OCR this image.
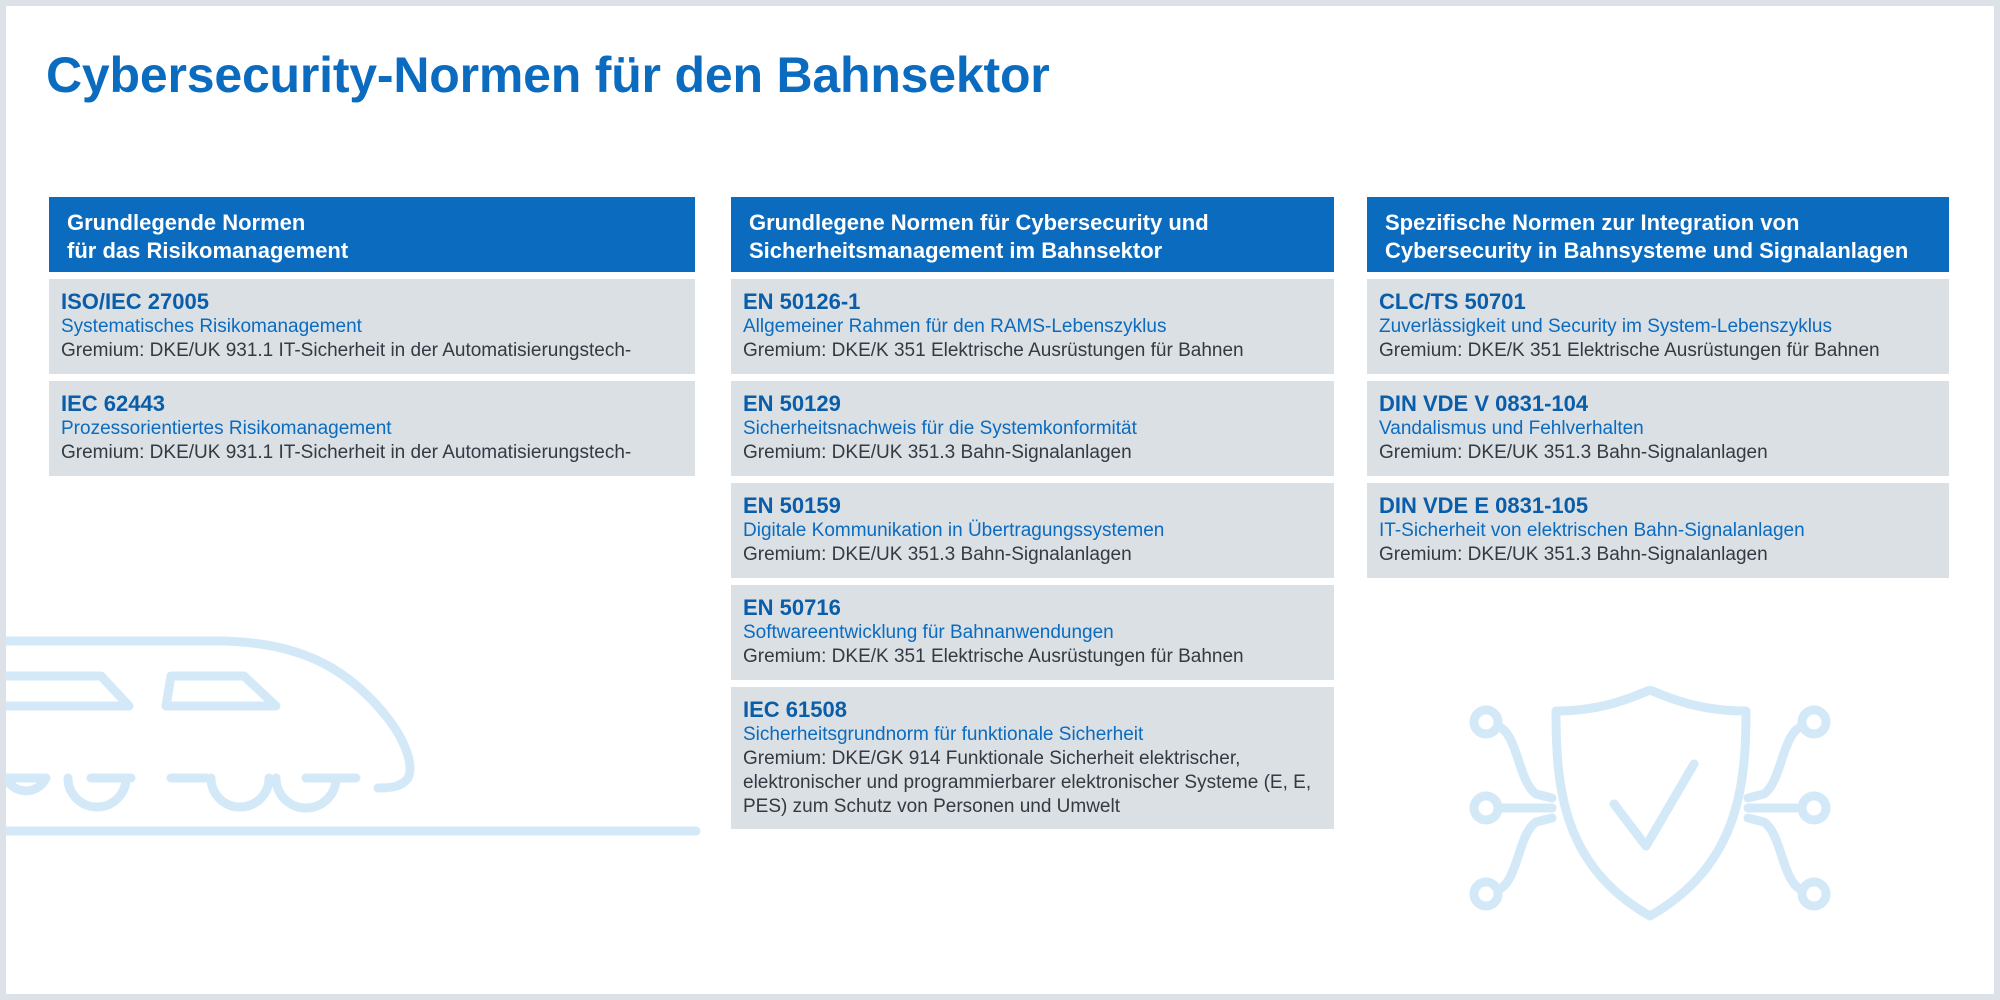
Cybersecurity-Normen für den Bahnsektor
Grundlegende Normen
für das Risikomanagement
ISO/IEC 27005
Systematisches Risikomanagement
Gremium: DKE/UK 931.1 IT-Sicherheit in der Automatisierungstech-
IEC 62443
Prozessorientiertes Risikomanagement
Gremium: DKE/UK 931.1 IT-Sicherheit in der Automatisierungstech-
Grundlegene Normen für Cybersecurity und
Sicherheitsmanagement im Bahnsektor
EN 50126-1
Allgemeiner Rahmen für den RAMS-Lebenszyklus
Gremium: DKE/K 351 Elektrische Ausrüstungen für Bahnen
EN 50129
Sicherheitsnachweis für die Systemkonformität
Gremium: DKE/UK 351.3 Bahn-Signalanlagen
EN 50159
Digitale Kommunikation in Übertragungssystemen
Gremium: DKE/UK 351.3 Bahn-Signalanlagen
EN 50716
Softwareentwicklung für Bahnanwendungen
Gremium: DKE/K 351 Elektrische Ausrüstungen für Bahnen
IEC 61508
Sicherheitsgrundnorm für funktionale Sicherheit
Gremium: DKE/GK 914 Funktionale Sicherheit elektrischer, elektronischer und programmierbarer elektronischer Systeme (E, E, PES) zum Schutz von Personen und Umwelt
Spezifische Normen zur Integration von
Cybersecurity in Bahnsysteme und Signalanlagen
CLC/TS 50701
Zuverlässigkeit und Security im System-Lebenszyklus
Gremium: DKE/K 351 Elektrische Ausrüstungen für Bahnen
DIN VDE V 0831-104
Vandalismus und Fehlverhalten
Gremium: DKE/UK 351.3 Bahn-Signalanlagen
DIN VDE E 0831-105
IT-Sicherheit von elektrischen Bahn-Signalanlagen
Gremium: DKE/UK 351.3 Bahn-Signalanlagen
